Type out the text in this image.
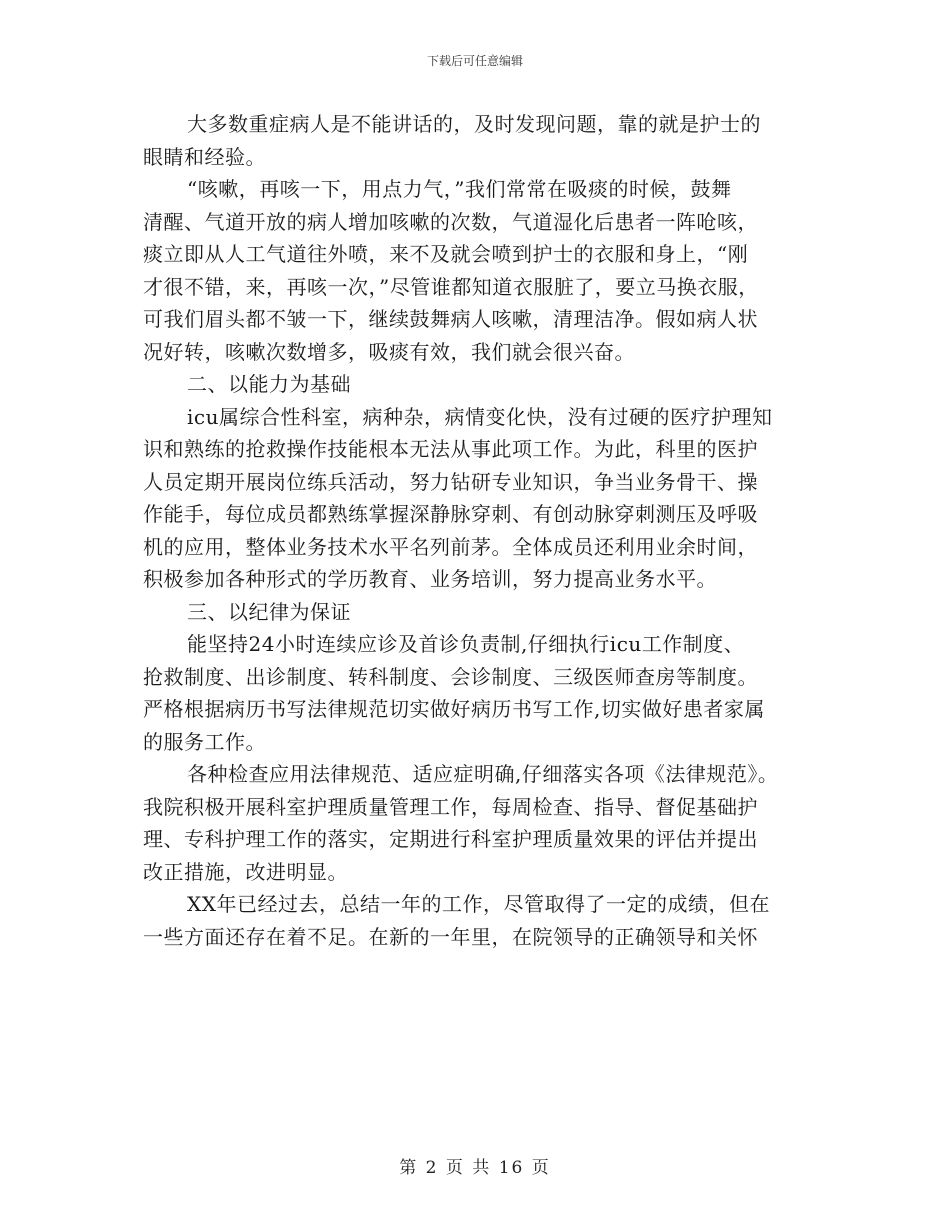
下载后可任意编辑
大多数重症病人是不能讲话的，及时发现问题，靠的就是护士的
眼睛和经验。
“咳嗽，再咳一下，用点力气，”我们常常在吸痰的时候，鼓舞
清醒、气道开放的病人增加咳嗽的次数，气道湿化后患者一阵呛咳，
痰立即从人工气道往外喷，来不及就会喷到护士的衣服和身上，“刚
才很不错，来，再咳一次，”尽管谁都知道衣服脏了，要立马换衣服，
可我们眉头都不皱一下，继续鼓舞病人咳嗽，清理洁净。假如病人状
况好转，咳嗽次数增多，吸痰有效，我们就会很兴奋。
二、以能力为基础
icu属综合性科室，病种杂，病情变化快，没有过硬的医疗护理知
识和熟练的抢救操作技能根本无法从事此项工作。为此，科里的医护
人员定期开展岗位练兵活动，努力钻研专业知识，争当业务骨干、操
作能手，每位成员都熟练掌握深静脉穿刺、有创动脉穿刺测压及呼吸
机的应用，整体业务技术水平名列前茅。全体成员还利用业余时间，
积极参加各种形式的学历教育、业务培训，努力提高业务水平。
三、以纪律为保证
能坚持24小时连续应诊及首诊负责制,仔细执行icu工作制度、
抢救制度、出诊制度、转科制度、会诊制度、三级医师查房等制度。
严格根据病历书写法律规范切实做好病历书写工作,切实做好患者家属
的服务工作。
各种检查应用法律规范、适应症明确,仔细落实各项《法律规范》。
我院积极开展科室护理质量管理工作，每周检查、指导、督促基础护
理、专科护理工作的落实，定期进行科室护理质量效果的评估并提出
改正措施，改进明显。
XX年已经过去，总结一年的工作，尽管取得了一定的成绩，但在
一些方面还存在着不足。在新的一年里，在院领导的正确领导和关怀
第 2 页 共 16 页
